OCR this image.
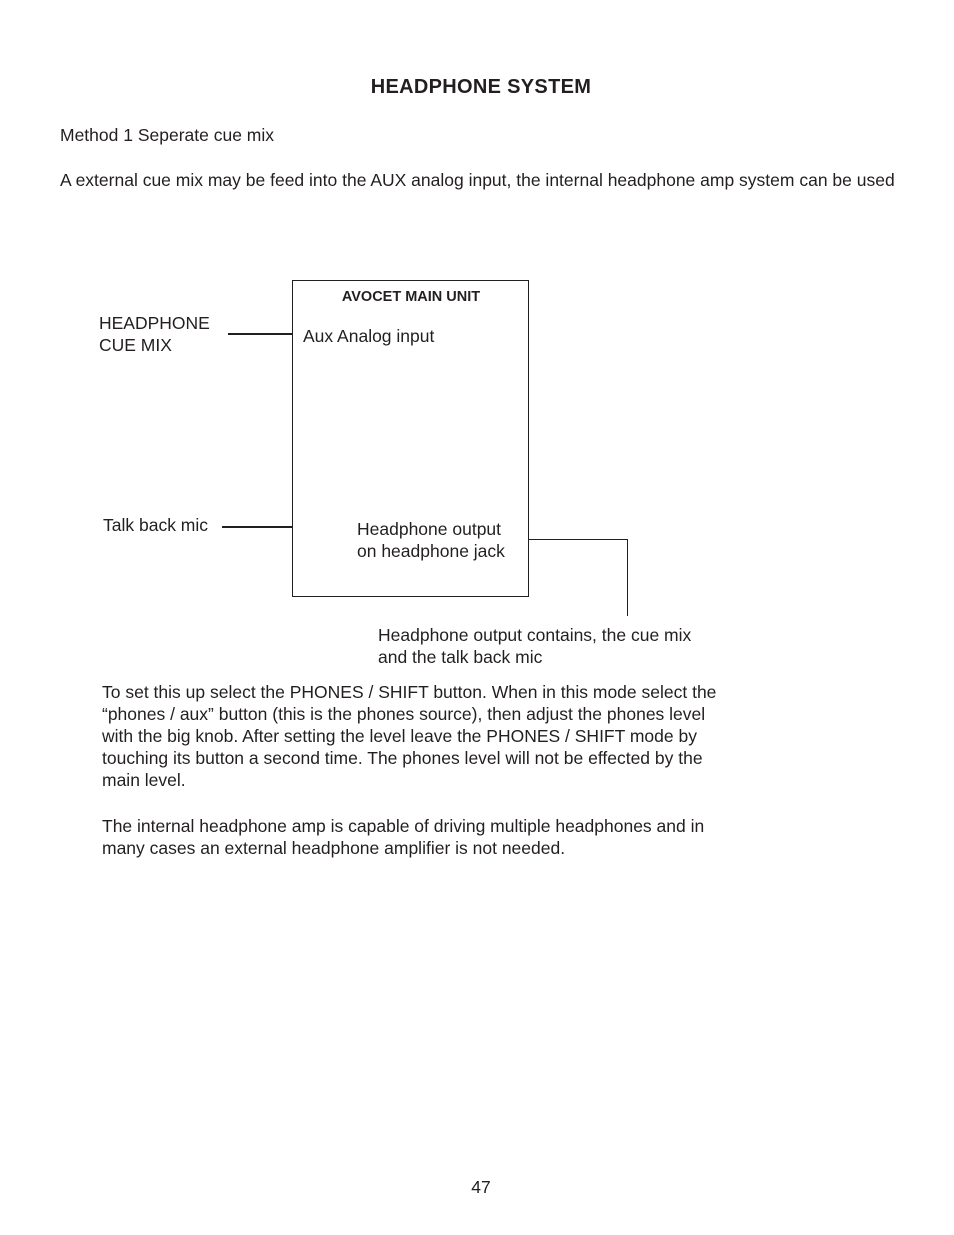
HEADPHONE SYSTEM

Method 1 Seperate cue mix

A external cue mix may be feed into the AUX analog input, the internal headphone amp system can be used

AVOCET MAIN UNIT
HEADPHONE
CUE MIX	Aux Analog input
Talk back mic	Headphone output
on headphone jack
Headphone output contains, the cue mix
and the talk back mic

To set this up select the PHONES / SHIFT button. When in this mode select the
“phones / aux” button (this is the phones source), then adjust the phones level
with the big knob. After setting the level leave the PHONES / SHIFT mode by
touching its button a second time. The phones level will not be effected by the
main level.

The internal headphone amp is capable of driving multiple headphones and in
many cases an external headphone amplifier is not needed.

47
